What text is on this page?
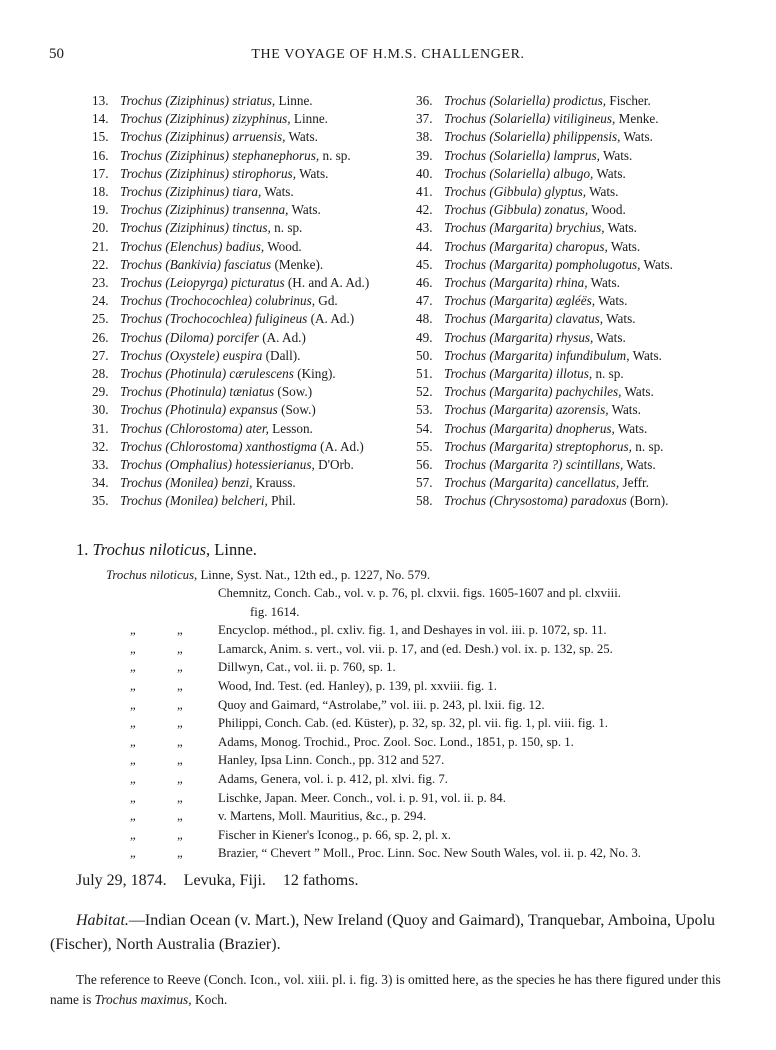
50	THE VOYAGE OF H.M.S. CHALLENGER.
13. Trochus (Ziziphinus) striatus, Linne.
14. Trochus (Ziziphinus) zizyphinus, Linne.
15. Trochus (Ziziphinus) arruensis, Wats.
16. Trochus (Ziziphinus) stephanephorus, n. sp.
17. Trochus (Ziziphinus) stirophorus, Wats.
18. Trochus (Ziziphinus) tiara, Wats.
19. Trochus (Ziziphinus) transenna, Wats.
20. Trochus (Ziziphinus) tinctus, n. sp.
21. Trochus (Elenchus) badius, Wood.
22. Trochus (Bankivia) fasciatus (Menke).
23. Trochus (Leiopyrga) picturatus (H. and A. Ad.)
24. Trochus (Trochocochlea) colubrinus, Gd.
25. Trochus (Trochocochlea) fuligineus (A. Ad.)
26. Trochus (Diloma) porcifer (A. Ad.)
27. Trochus (Oxystele) euspira (Dall).
28. Trochus (Photinula) cærulescens (King).
29. Trochus (Photinula) tæniatus (Sow.)
30. Trochus (Photinula) expansus (Sow.)
31. Trochus (Chlorostoma) ater, Lesson.
32. Trochus (Chlorostoma) xanthostigma (A. Ad.)
33. Trochus (Omphalius) hotessierianus, D'Orb.
34. Trochus (Monilea) benzi, Krauss.
35. Trochus (Monilea) belcheri, Phil.
36. Trochus (Solariella) prodictus, Fischer.
37. Trochus (Solariella) vitiligineus, Menke.
38. Trochus (Solariella) philippensis, Wats.
39. Trochus (Solariella) lamprus, Wats.
40. Trochus (Solariella) albugo, Wats.
41. Trochus (Gibbula) glyptus, Wats.
42. Trochus (Gibbula) zonatus, Wood.
43. Trochus (Margarita) brychius, Wats.
44. Trochus (Margarita) charopus, Wats.
45. Trochus (Margarita) pompholugotus, Wats.
46. Trochus (Margarita) rhina, Wats.
47. Trochus (Margarita) ægléës, Wats.
48. Trochus (Margarita) clavatus, Wats.
49. Trochus (Margarita) rhysus, Wats.
50. Trochus (Margarita) infundibulum, Wats.
51. Trochus (Margarita) illotus, n. sp.
52. Trochus (Margarita) pachychiles, Wats.
53. Trochus (Margarita) azorensis, Wats.
54. Trochus (Margarita) dnopherus, Wats.
55. Trochus (Margarita) streptophorus, n. sp.
56. Trochus (Margarita ?) scintillans, Wats.
57. Trochus (Margarita) cancellatus, Jeffr.
58. Trochus (Chrysostoma) paradoxus (Born).
1. Trochus niloticus, Linne.
Trochus niloticus, Linne, Syst. Nat., 12th ed., p. 1227, No. 579.
Chemnitz, Conch. Cab., vol. v. p. 76, pl. clxvii. figs. 1605-1607 and pl. clxviii.
fig. 1614.
„	„	Encyclop. méthod., pl. cxliv. fig. 1, and Deshayes in vol. iii. p. 1072, sp. 11.
„	„	Lamarck, Anim. s. vert., vol. vii. p. 17, and (ed. Desh.) vol. ix. p. 132, sp. 25.
„	„	Dillwyn, Cat., vol. ii. p. 760, sp. 1.
„	„	Wood, Ind. Test. (ed. Hanley), p. 139, pl. xxviii. fig. 1.
„	„	Quoy and Gaimard, “Astrolabe,” vol. iii. p. 243, pl. lxii. fig. 12.
„	„	Philippi, Conch. Cab. (ed. Küster), p. 32, sp. 32, pl. vii. fig. 1, pl. viii. fig. 1.
„	„	Adams, Monog. Trochid., Proc. Zool. Soc. Lond., 1851, p. 150, sp. 1.
„	„	Hanley, Ipsa Linn. Conch., pp. 312 and 527.
„	„	Adams, Genera, vol. i. p. 412, pl. xlvi. fig. 7.
„	„	Lischke, Japan. Meer. Conch., vol. i. p. 91, vol. ii. p. 84.
„	„	v. Martens, Moll. Mauritius, &c., p. 294.
„	„	Fischer in Kiener's Iconog., p. 66, sp. 2, pl. x.
„	„	Brazier, “ Chevert ” Moll., Proc. Linn. Soc. New South Wales, vol. ii. p. 42, No. 3.
July 29, 1874. Levuka, Fiji. 12 fathoms.
Habitat.—Indian Ocean (v. Mart.), New Ireland (Quoy and Gaimard), Tranquebar, Amboina, Upolu (Fischer), North Australia (Brazier).
The reference to Reeve (Conch. Icon., vol. xiii. pl. i. fig. 3) is omitted here, as the species he has there figured under this name is Trochus maximus, Koch.
